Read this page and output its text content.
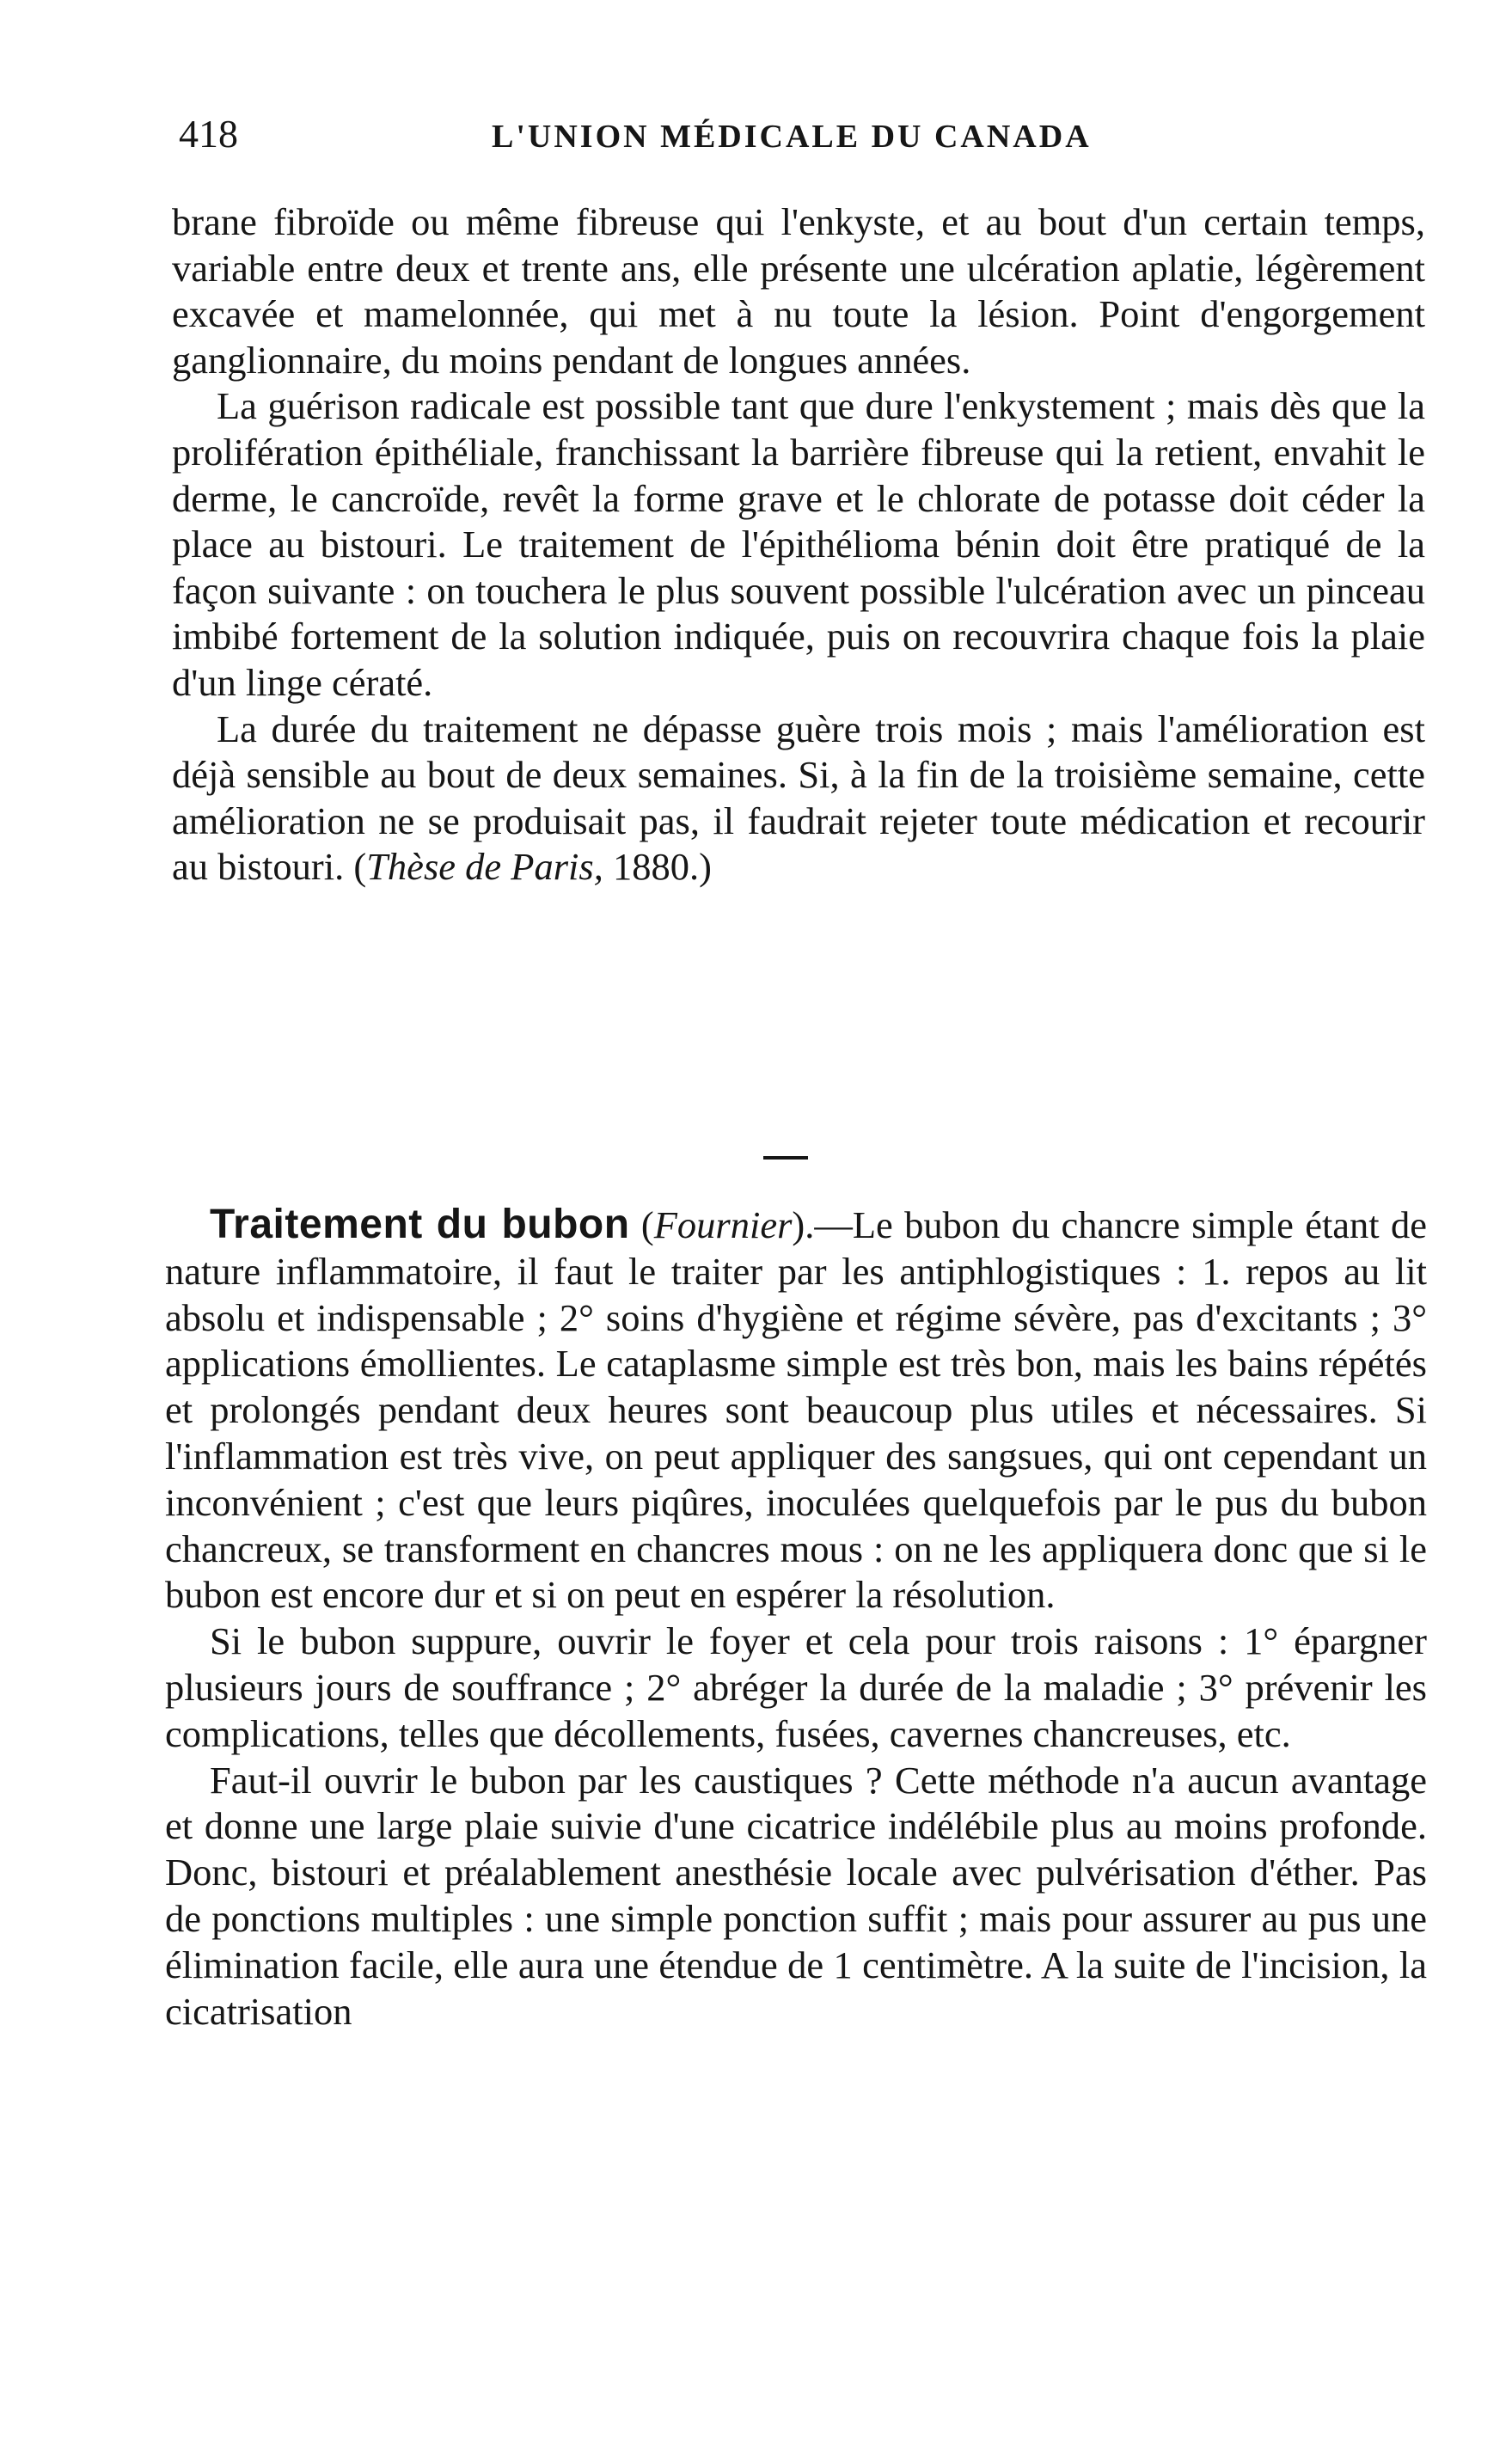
418	L'UNION MÉDICALE DU CANADA

brane fibroïde ou même fibreuse qui l'enkyste, et au bout d'un certain temps, variable entre deux et trente ans, elle présente une ulcération aplatie, légèrement excavée et mamelonnée, qui met à nu toute la lésion. Point d'engorgement ganglionnaire, du moins pendant de longues années.

La guérison radicale est possible tant que dure l'enkystement ; mais dès que la prolifération épithéliale, franchissant la barrière fibreuse qui la retient, envahit le derme, le cancroïde, revêt la forme grave et le chlorate de potasse doit céder la place au bistouri. Le traitement de l'épithélioma bénin doit être pratiqué de la façon suivante : on touchera le plus souvent possible l'ulcération avec un pinceau imbibé fortement de la solution indiquée, puis on recouvrira chaque fois la plaie d'un linge cératé.

La durée du traitement ne dépasse guère trois mois ; mais l'amélioration est déjà sensible au bout de deux semaines. Si, à la fin de la troisième semaine, cette amélioration ne se produisait pas, il faudrait rejeter toute médication et recourir au bistouri. (Thèse de Paris, 1880.)

Traitement du bubon (Fournier).—Le bubon du chancre simple étant de nature inflammatoire, il faut le traiter par les antiphlogistiques : 1. repos au lit absolu et indispensable ; 2° soins d'hygiène et régime sévère, pas d'excitants ; 3° applications émollientes. Le cataplasme simple est très bon, mais les bains répétés et prolongés pendant deux heures sont beaucoup plus utiles et nécessaires. Si l'inflammation est très vive, on peut appliquer des sangsues, qui ont cependant un inconvénient ; c'est que leurs piqûres, inoculées quelquefois par le pus du bubon chancreux, se transforment en chancres mous : on ne les appliquera donc que si le bubon est encore dur et si on peut en espérer la résolution.

Si le bubon suppure, ouvrir le foyer et cela pour trois raisons : 1° épargner plusieurs jours de souffrance ; 2° abréger la durée de la maladie ; 3° prévenir les complications, telles que décollements, fusées, cavernes chancreuses, etc.

Faut-il ouvrir le bubon par les caustiques ? Cette méthode n'a aucun avantage et donne une large plaie suivie d'une cicatrice indélébile plus au moins profonde. Donc, bistouri et préalablement anesthésie locale avec pulvérisation d'éther. Pas de ponctions multiples : une simple ponction suffit ; mais pour assurer au pus une élimination facile, elle aura une étendue de 1 centimètre. A la suite de l'incision, la cicatrisation
